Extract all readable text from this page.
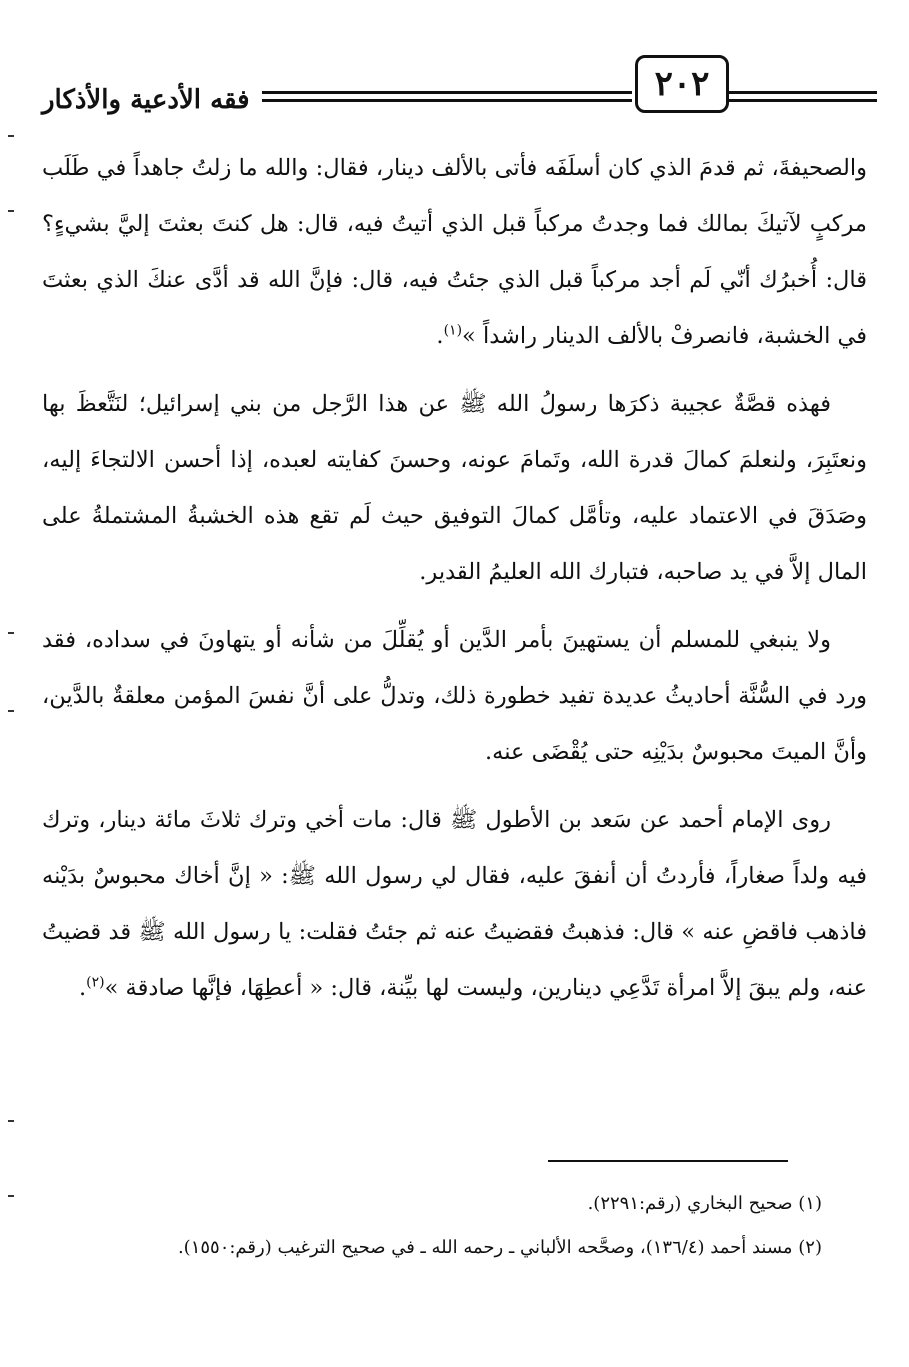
فقه الأدعية والأذكار	٢٠٢

والصحيفةَ، ثم قدمَ الذي كان أسلَفَه فأتى بالألف دينار، فقال: والله ما زلتُ جاهداً في طَلَب مركبٍ لآتيكَ بمالك فما وجدتُ مركباً قبل الذي أتيتُ فيه، قال: هل كنتَ بعثتَ إليَّ بشيءٍ؟ قال: أُخبرُك أنّي لَم أجد مركباً قبل الذي جئتُ فيه، قال: فإنَّ الله قد أدَّى عنكَ الذي بعثتَ في الخشبة، فانصرفْ بالألف الدينار راشداً »$^{(١)}$.

فهذه قصَّةٌ عجيبة ذكرَها رسولُ الله ﷺ عن هذا الرَّجل من بني إسرائيل؛ لنَتَّعظَ بها ونعتَبِرَ، ولنعلمَ كمالَ قدرة الله، وتَمامَ عونه، وحسنَ كفايته لعبده، إذا أحسن الالتجاءَ إليه، وصَدَقَ في الاعتماد عليه، وتأمَّل كمالَ التوفيق حيث لَم تقع هذه الخشبةُ المشتملةُ على المال إلاَّ في يد صاحبه، فتبارك الله العليمُ القدير.

ولا ينبغي للمسلم أن يستهينَ بأمر الدَّين أو يُقلِّلَ من شأنه أو يتهاونَ في سداده، فقد ورد في السُّنَّة أحاديثُ عديدة تفيد خطورة ذلك، وتدلُّ على أنَّ نفسَ المؤمن معلقةٌ بالدَّين، وأنَّ الميتَ محبوسٌ بدَيْنِه حتى يُقْضَى عنه.

روى الإمام أحمد عن سَعد بن الأطول ﷺ قال: مات أخي وترك ثلاثَ مائة دينار، وترك فيه ولداً صغاراً، فأردتُ أن أنفقَ عليه، فقال لي رسول الله ﷺ: « إنَّ أخاك محبوسٌ بدَيْنه فاذهب فاقضِ عنه » قال: فذهبتُ فقضيتُ عنه ثم جئتُ فقلت: يا رسول الله ﷺ قد قضيتُ عنه، ولم يبقَ إلاَّ امرأة تَدَّعِي دينارين، وليست لها بيِّنة، قال: « أعطِهَا، فإنَّها صادقة »$^{(٢)}$.

(١) صحيح البخاري (رقم:٢٢٩١).
(٢) مسند أحمد (١٣٦/٤)، وصحَّحه الألباني ـ رحمه الله ـ في صحيح الترغيب (رقم:١٥٥٠).
